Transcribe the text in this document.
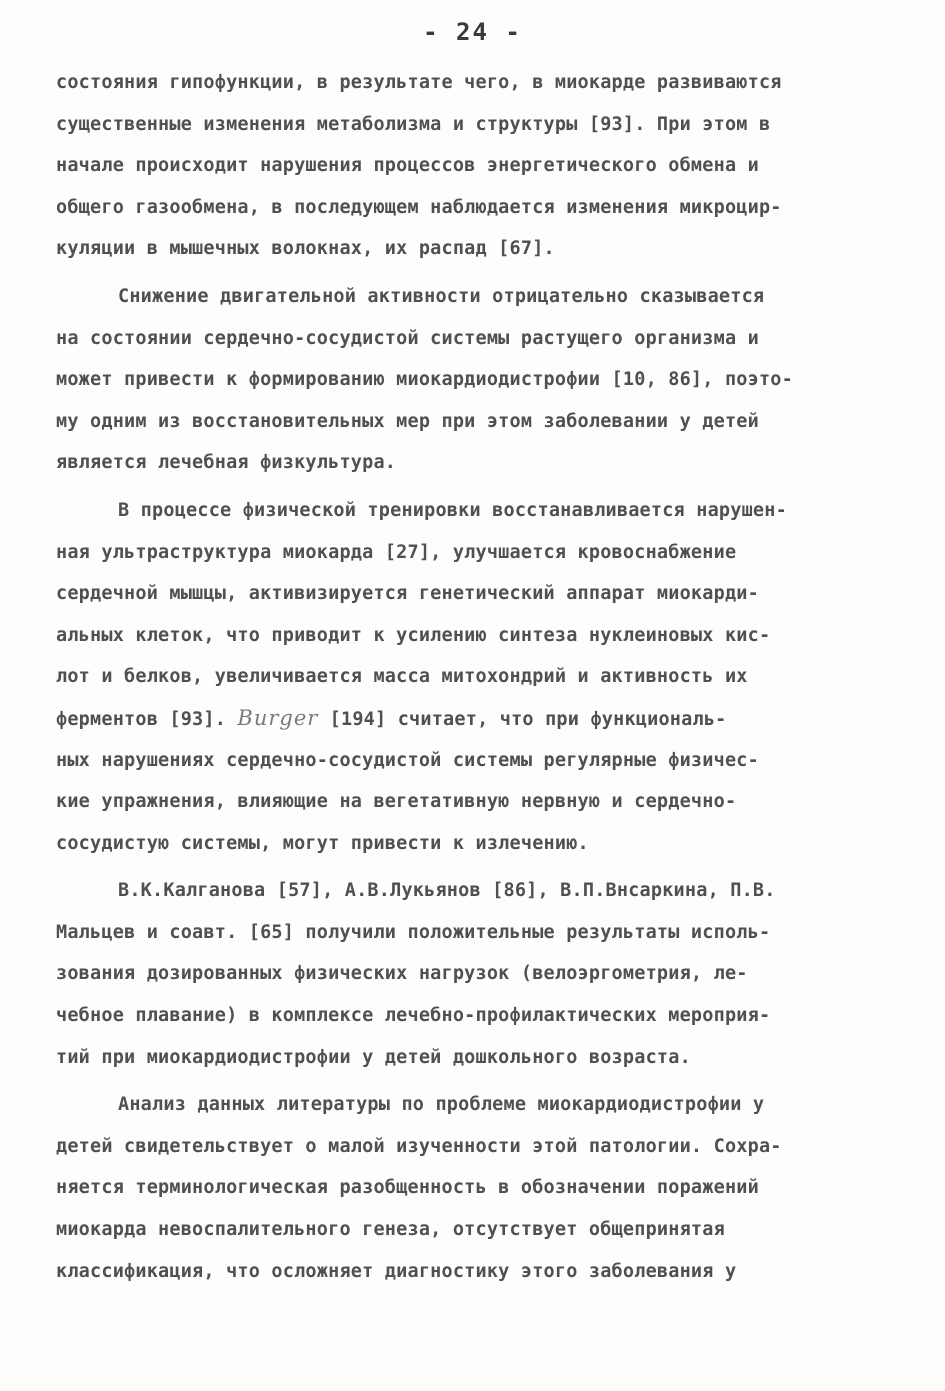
- 24 -
состояния гипофункции, в результате чего, в миокарде развиваются
существенные изменения метаболизма и структуры [93]. При этом в
начале происходит нарушения процессов энергетического обмена и
общего газообмена, в последующем наблюдается изменения микроцир-
куляции в мышечных волокнах, их распад [67].
Снижение двигательной активности отрицательно сказывается
на состоянии сердечно-сосудистой системы растущего организма и
может привести к формированию миокардиодистрофии [10, 86], поэто-
му одним из восстановительных мер при этом заболевании у детей
является лечебная физкультура.
В процессе физической тренировки восстанавливается нарушен-
ная ультраструктура миокарда [27], улучшается кровоснабжение
сердечной мышцы, активизируется генетический аппарат миокарди-
альных клеток, что приводит к усилению синтеза нуклеиновых кис-
лот и белков, увеличивается масса митохондрий и активность их
ферментов [93]. Burger [194] считает, что при функциональ-
ных нарушениях сердечно-сосудистой системы регулярные физичес-
кие упражнения, влияющие на вегетативную нервную и сердечно-
сосудистую системы, могут привести к излечению.
В.К.Калганова [57], А.В.Лукьянов [86], В.П.Внсаркина, П.В.
Мальцев и соавт. [65] получили положительные результаты исполь-
зования дозированных физических нагрузок (велоэргометрия, ле-
чебное плавание) в комплексе лечебно-профилактических мероприя-
тий при миокардиодистрофии у детей дошкольного возраста.
Анализ данных литературы по проблеме миокардиодистрофии у
детей свидетельствует о малой изученности этой патологии. Сохра-
няется терминологическая разобщенность в обозначении поражений
миокарда невоспалительного генеза, отсутствует общепринятая
классификация, что осложняет диагностику этого заболевания у
